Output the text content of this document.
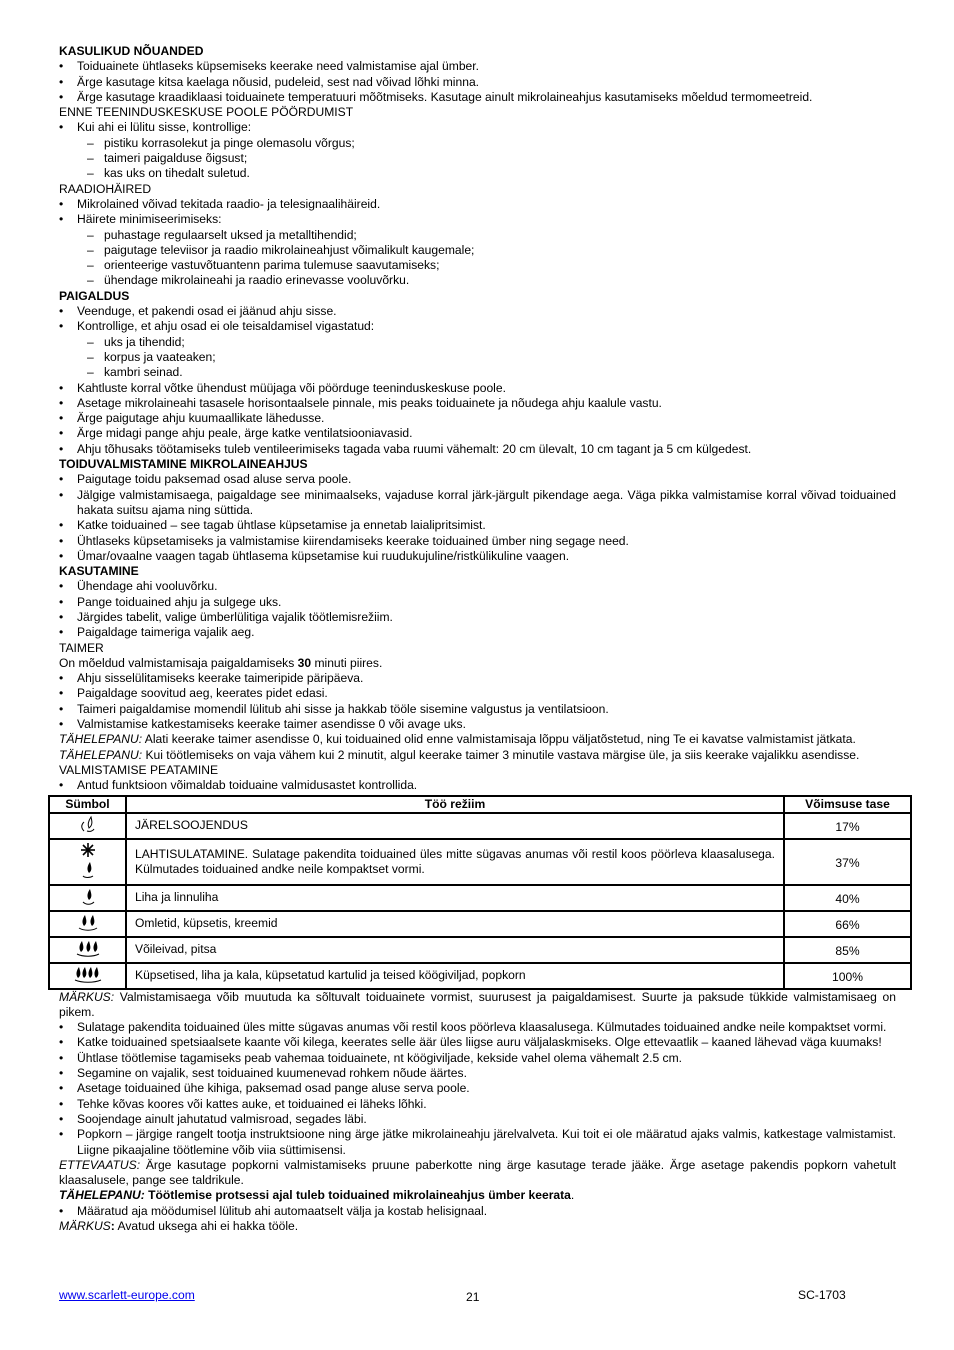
KASULIKUD NÕUANDED
• Toiduainete ühtlaseks küpsemiseks keerake need valmistamise ajal ümber.
• Ärge kasutage kitsa kaelaga nõusid, pudeleid, sest nad võivad lõhki minna.
• Ärge kasutage kraadiklaasi toiduainete temperatuuri mõõtmiseks. Kasutage ainult mikrolaineahjus kasutamiseks mõeldud termomeetreid.
ENNE TEENINDUSKESKUSE POOLE PÖÖRDUMIST
• Kui ahi ei lülitu sisse, kontrollige:
– pistiku korrasolekut ja pinge olemasolu võrgus;
– taimeri paigalduse õigsust;
– kas uks on tihedalt suletud.
RAADIOHÄIRED
• Mikrolained võivad tekitada raadio- ja telesignaalihäireid.
• Häirete minimiseerimiseks:
– puhastage regulaarselt uksed ja metalltihendid;
– paigutage televiisor ja raadio mikrolaineahjust võimalikult kaugemale;
– orienteerige vastuvõtuantenn parima tulemuse saavutamiseks;
– ühendage mikrolaineahi ja raadio erinevasse vooluvõrku.
PAIGALDUS
• Veenduge, et pakendi osad ei jäänud ahju sisse.
• Kontrollige, et ahju osad ei ole teisaldamisel vigastatud:
– uks ja tihendid;
– korpus ja vaateaken;
– kambri seinad.
• Kahtluste korral võtke ühendust müüjaga või pöörduge teeninduskeskuse poole.
• Asetage mikrolaineahi tasasele horisontaalsele pinnale, mis peaks toiduainete ja nõudega ahju kaalule vastu.
• Ärge paigutage ahju kuumaallikate lähedusse.
• Ärge midagi pange ahju peale, ärge katke ventilatsiooniavasid.
• Ahju tõhusaks töötamiseks tuleb ventileerimiseks tagada vaba ruumi vähemalt: 20 cm ülevalt, 10 cm tagant ja 5 cm külgedest.
TOIDUVALMISTAMINE MIKROLAINEAHJUS
• Paigutage toidu paksemad osad aluse serva poole.
• Jälgige valmistamisaega, paigaldage see minimaalseks, vajaduse korral järk-järgult pikendage aega. Väga pikka valmistamise korral võivad toiduained hakata suitsu ajama ning süttida.
• Katke toiduained – see tagab ühtlase küpsetamise ja ennetab laialipritsimist.
• Ühtlaseks küpsetamiseks ja valmistamise kiirendamiseks keerake toiduained ümber ning segage need.
• Ümar/ovaalne vaagen tagab ühtlasema küpsetamise kui ruudukujuline/ristkülikuline vaagen.
KASUTAMINE
• Ühendage ahi vooluvõrku.
• Pange toiduained ahju ja sulgege uks.
• Järgides tabelit, valige ümberlülitiga vajalik töötlemisrežiim.
• Paigaldage taimeriga vajalik aeg.
TAIMER
On mõeldud valmistamisaja paigaldamiseks 30 minuti piires.
• Ahju sisselülitamiseks keerake taimeripide päripäeva.
• Paigaldage soovitud aeg, keerates pidet edasi.
• Taimeri paigaldamise momendil lülitub ahi sisse ja hakkab tööle sisemine valgustus ja ventilatsioon.
• Valmistamise katkestamiseks keerake taimer asendisse 0 või avage uks.
TÄHELEPANU: Alati keerake taimer asendisse 0, kui toiduained olid enne valmistamisaja lõppu väljatõstetud, ning Te ei kavatse valmistamist jätkata.
TÄHELEPANU: Kui töötlemiseks on vaja vähem kui 2 minutit, algul keerake taimer 3 minutile vastava märgise üle, ja siis keerake vajalikku asendisse.
VALMISTAMISE PEATAMINE
• Antud funktsioon võimaldab toiduaine valmidusastet kontrollida.
Sümbol	Töö režiim	Võimsuse tase
	JÄRELSOOJENDUS	17%
	LAHTISULATAMINE. Sulatage pakendita toiduained üles mitte sügavas anumas või restil koos pöörleva klaasalusega. Külmutades toiduained andke neile kompaktset vormi.	37%
	Liha ja linnuliha	40%
	Omletid, küpsetis, kreemid	66%
	Võileivad, pitsa	85%
	Küpsetised, liha ja kala, küpsetatud kartulid ja teised köögiviljad, popkorn	100%
MÄRKUS: Valmistamisaega võib muutuda ka sõltuvalt toiduainete vormist, suurusest ja paigaldamisest. Suurte ja paksude tükkide valmistamisaeg on pikem.
• Sulatage pakendita toiduained üles mitte sügavas anumas või restil koos pöörleva klaasalusega. Külmutades toiduained andke neile kompaktset vormi.
• Katke toiduained spetsiaalsete kaante või kilega, keerates selle äär üles liigse auru väljalaskmiseks. Olge ettevaatlik – kaaned lähevad väga kuumaks!
• Ühtlase töötlemise tagamiseks peab vahemaa toiduainete, nt köögiviljade, kekside vahel olema vähemalt 2.5 cm.
• Segamine on vajalik, sest toiduained kuumenevad rohkem nõude äärtes.
• Asetage toiduained ühe kihiga, paksemad osad pange aluse serva poole.
• Tehke kõvas koores või kattes auke, et toiduained ei läheks lõhki.
• Soojendage ainult jahutatud valmisroad, segades läbi.
• Popkorn – järgige rangelt tootja instruktsioone ning ärge jätke mikrolaineahju järelvalveta. Kui toit ei ole määratud ajaks valmis, katkestage valmistamist. Liigne pikaajaline töötlemine võib viia süttimisensi.
ETTEVAATUS: Ärge kasutage popkorni valmistamiseks pruune paberkotte ning ärge kasutage terade jääke. Ärge asetage pakendis popkorn vahetult klaasalusele, pange see taldrikule.
TÄHELEPANU: Töötlemise protsessi ajal tuleb toiduained mikrolaineahjus ümber keerata.
• Määratud aja möödumisel lülitub ahi automaatselt välja ja kostab helisignaal.
MÄRKUS: Avatud uksega ahi ei hakka tööle.
www.scarlett-europe.com	21	SC-1703
